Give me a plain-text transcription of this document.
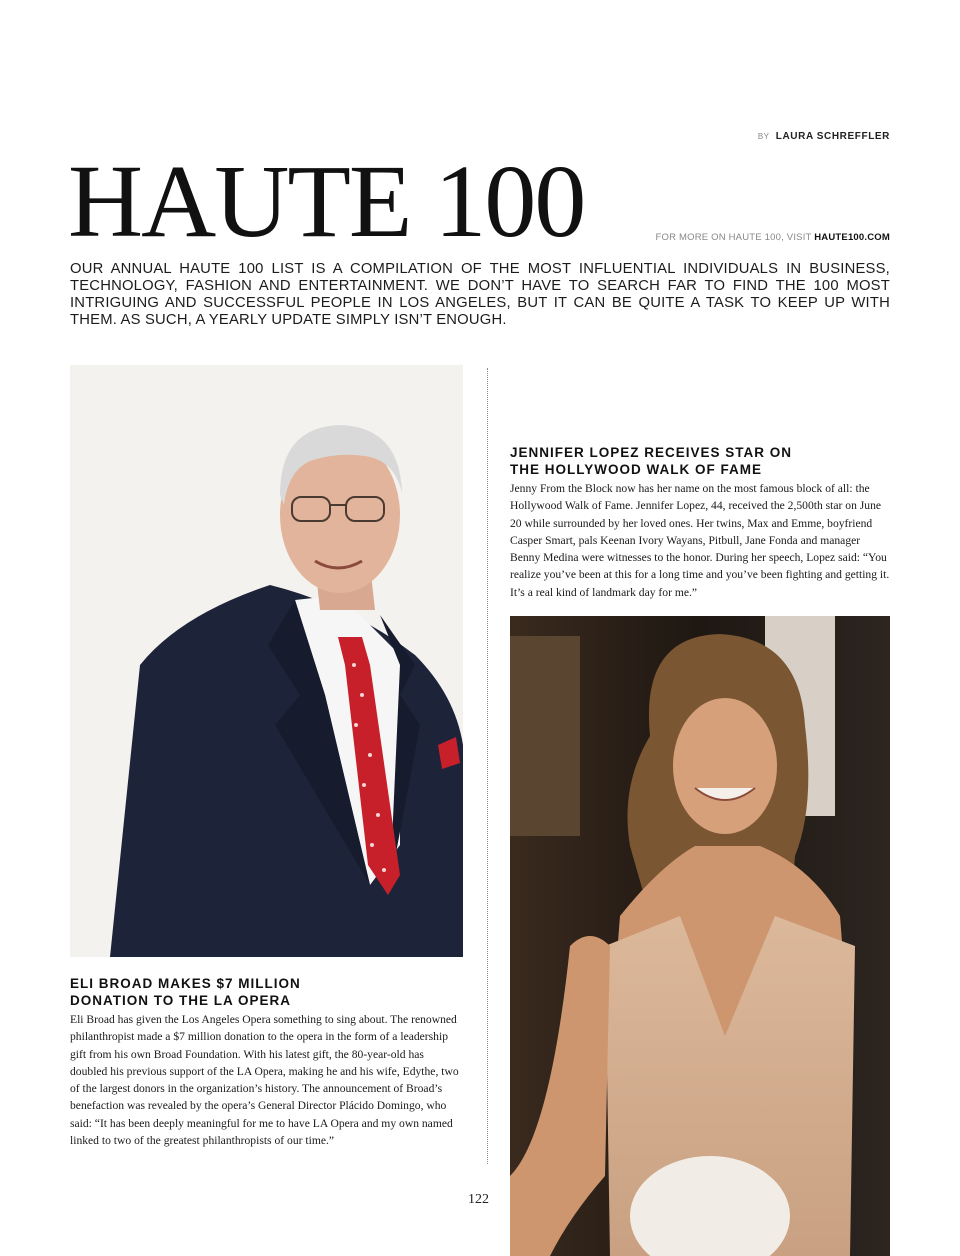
BY LAURA SCHREFFLER
HAUTE 100	FOR MORE ON HAUTE 100, VISIT HAUTE100.COM
OUR ANNUAL HAUTE 100 LIST IS A COMPILATION OF THE MOST INFLUENTIAL INDIVIDUALS IN BUSINESS, TECHNOLOGY, FASHION AND ENTERTAINMENT. WE DON’T HAVE TO SEARCH FAR TO FIND THE 100 MOST INTRIGUING AND SUCCESSFUL PEOPLE IN LOS ANGELES, BUT IT CAN BE QUITE A TASK TO KEEP UP WITH THEM. AS SUCH, A YEARLY UPDATE SIMPLY ISN’T ENOUGH.

JENNIFER LOPEZ RECEIVES STAR ON
THE HOLLYWOOD WALK OF FAME

Jenny From the Block now has her name on the most famous block of all: the Hollywood Walk of Fame. Jennifer Lopez, 44, received the 2,500th star on June 20 while surrounded by her loved ones. Her twins, Max and Emme, boyfriend Casper Smart, pals Keenan Ivory Wayans, Pitbull, Jane Fonda and manager Benny Medina were witnesses to the honor. During her speech, Lopez said: “You realize you’ve been at this for a long time and you’ve been fighting and getting it. It’s a real kind of landmark day for me.”

ELI BROAD MAKES $7 MILLION
DONATION TO THE LA OPERA

Eli Broad has given the Los Angeles Opera something to sing about. The renowned philanthropist made a $7 million donation to the opera in the form of a leadership gift from his own Broad Foundation. With his latest gift, the 80-year-old has doubled his previous support of the LA Opera, making he and his wife, Edythe, two of the largest donors in the organization’s history. The announcement of Broad’s benefaction was revealed by the opera’s General Director Plácido Domingo, who said: “It has been deeply meaningful for me to have LA Opera and my own named linked to two of the greatest philanthropists of our time.”

122
